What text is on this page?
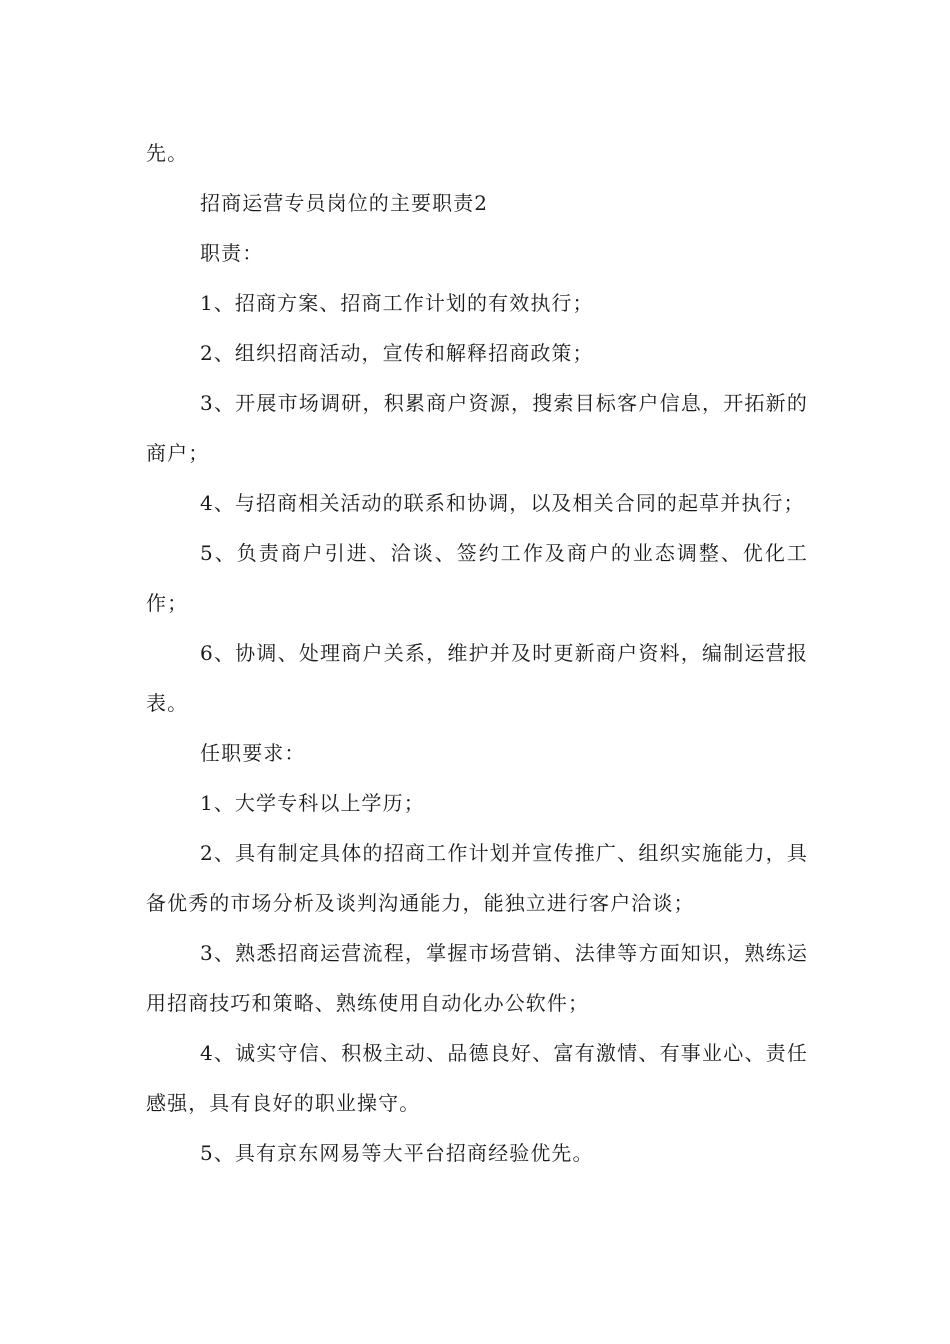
先。

招商运营专员岗位的主要职责2

职责：

1、招商方案、招商工作计划的有效执行；

2、组织招商活动，宣传和解释招商政策；

3、开展市场调研，积累商户资源，搜索目标客户信息，开拓新的商户；

4、与招商相关活动的联系和协调，以及相关合同的起草并执行；

5、负责商户引进、洽谈、签约工作及商户的业态调整、优化工作；

6、协调、处理商户关系，维护并及时更新商户资料，编制运营报表。

任职要求：

1、大学专科以上学历；

2、具有制定具体的招商工作计划并宣传推广、组织实施能力，具备优秀的市场分析及谈判沟通能力，能独立进行客户洽谈；

3、熟悉招商运营流程，掌握市场营销、法律等方面知识，熟练运用招商技巧和策略、熟练使用自动化办公软件；

4、诚实守信、积极主动、品德良好、富有激情、有事业心、责任感强，具有良好的职业操守。

5、具有京东网易等大平台招商经验优先。
